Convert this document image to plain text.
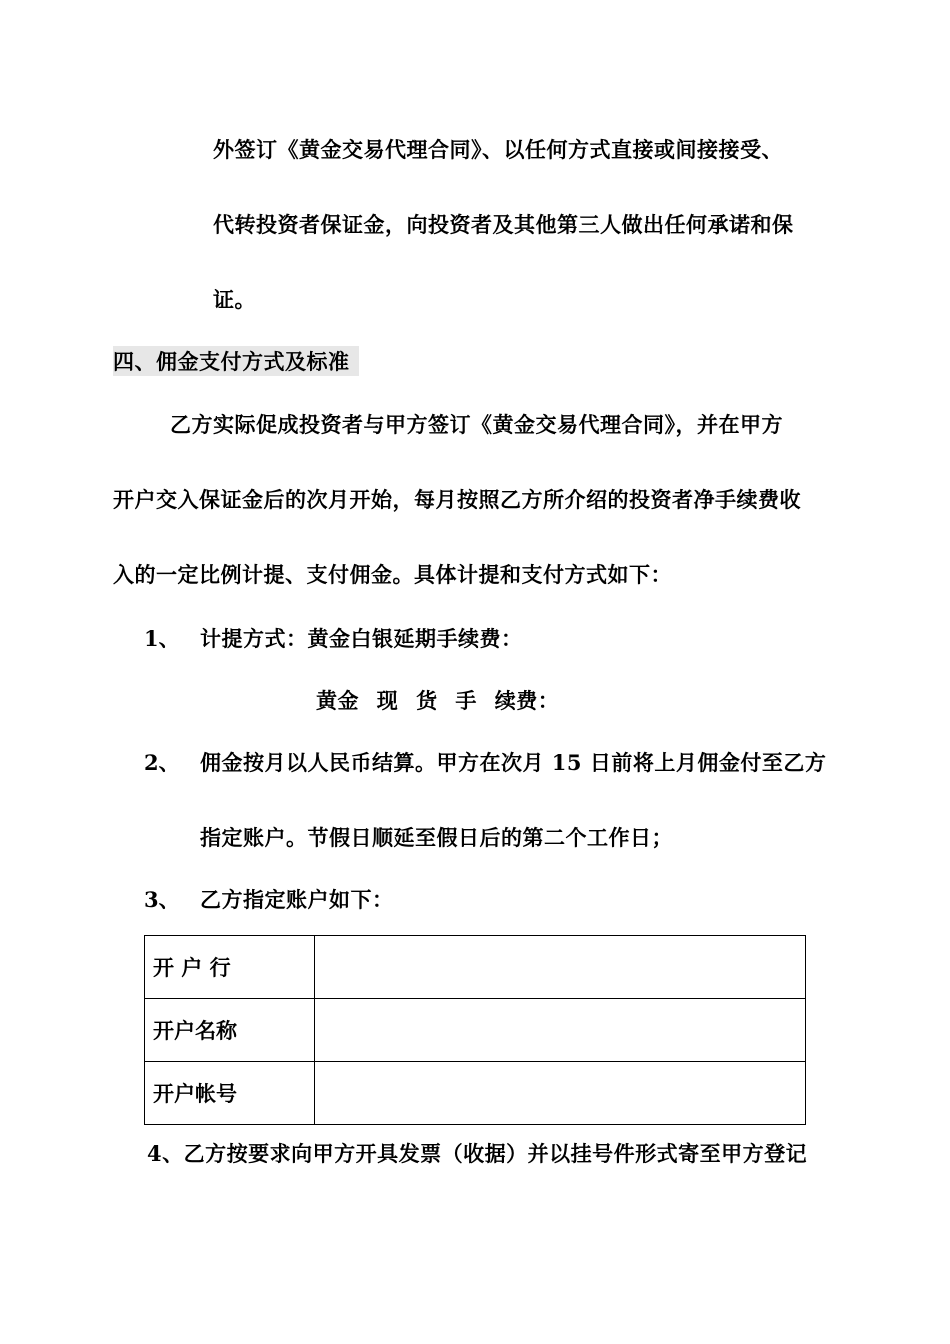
外签订《黄金交易代理合同》、以任何方式直接或间接接受、
代转投资者保证金，向投资者及其他第三人做出任何承诺和保
证。
四、佣金支付方式及标准
乙方实际促成投资者与甲方签订《黄金交易代理合同》，并在甲方
开户交入保证金后的次月开始，每月按照乙方所介绍的投资者净手续费收
入的一定比例计提、支付佣金。具体计提和支付方式如下：
1、 计提方式：黄金白银延期手续费：
黄金 现 货 手 续费：
2、 佣金按月以人民币结算。甲方在次月 15 日前将上月佣金付至乙方
指定账户。节假日顺延至假日后的第二个工作日；
3、 乙方指定账户如下：
开 户 行	
开户名称	
开户帐号	
4、乙方按要求向甲方开具发票（收据）并以挂号件形式寄至甲方登记
